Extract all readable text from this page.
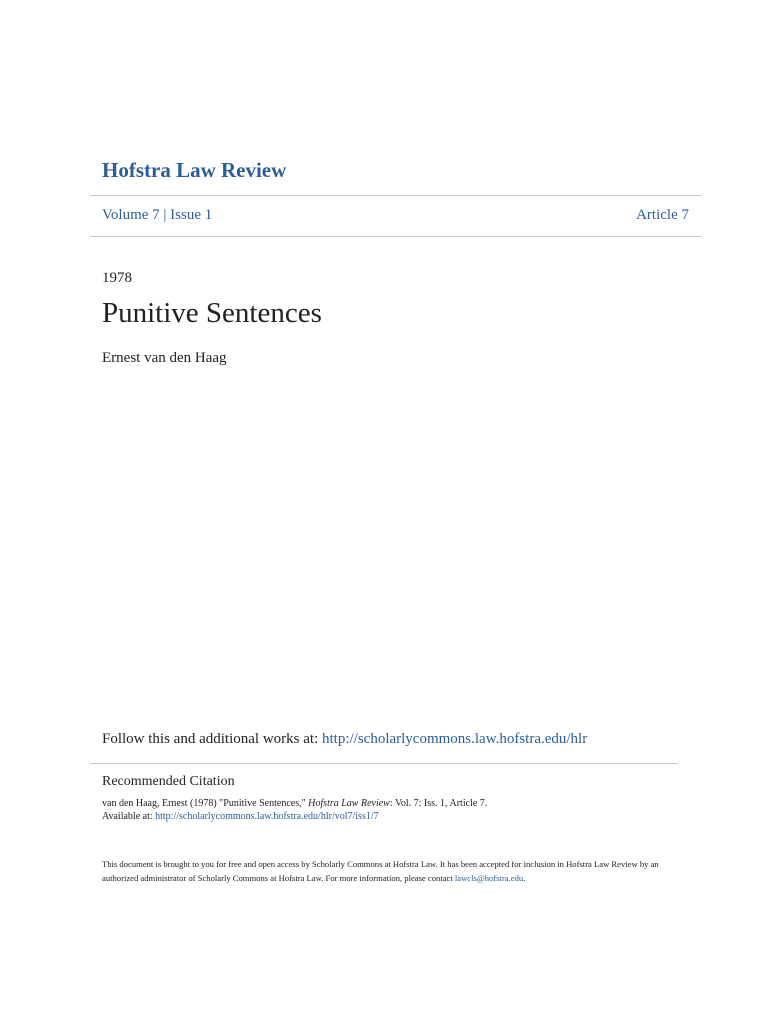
Hofstra Law Review
Volume 7 | Issue 1	Article 7
1978
Punitive Sentences
Ernest van den Haag
Follow this and additional works at: http://scholarlycommons.law.hofstra.edu/hlr
Recommended Citation
van den Haag, Ernest (1978) "Punitive Sentences," Hofstra Law Review: Vol. 7: Iss. 1, Article 7.
Available at: http://scholarlycommons.law.hofstra.edu/hlr/vol7/iss1/7
This document is brought to you for free and open access by Scholarly Commons at Hofstra Law. It has been accepted for inclusion in Hofstra Law Review by an authorized administrator of Scholarly Commons at Hofstra Law. For more information, please contact lawcls@hofstra.edu.
